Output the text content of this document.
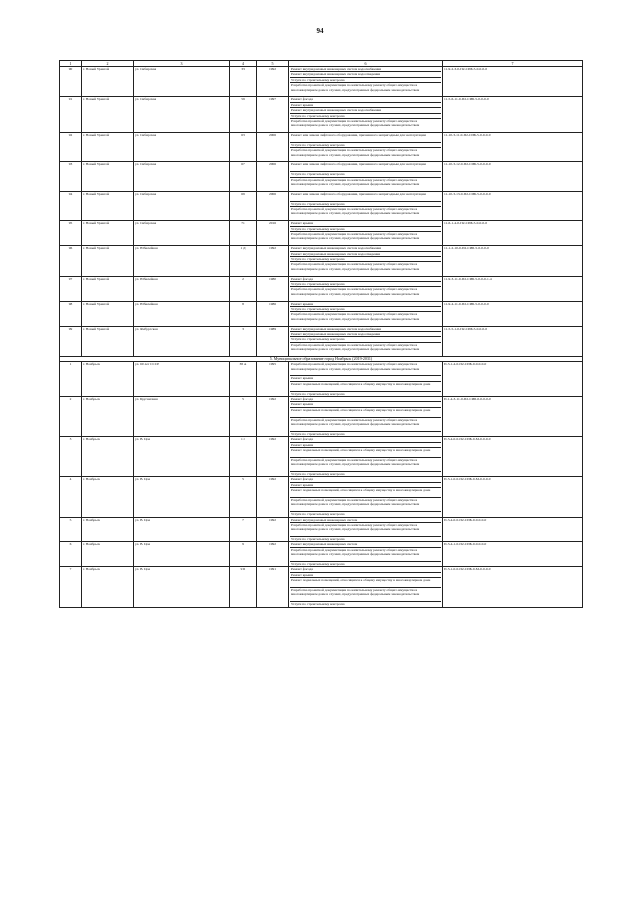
94
1	2	3	4	5	6	7
90	г. Новый Уренгой	ул. Сибирская	33	1992	Ремонт внутридомовых инженерных систем водоснабжения
Ремонт внутридомовых инженерных систем водоотведения
Услуги по строительному контролю
Разработка проектной документации по капитальному ремонту общего имущества в многоквартирном доме в случаях, предусмотренных федеральным законодательством	11-9-2-3-0-П2-СИБ-5-0-0-0-0
91	г. Новый Уренгой	ул. Сибирская	59	1997	Ремонт фасада
Ремонт крыши
Ремонт внутридомовых инженерных систем водоснабжения
Услуги по строительному контролю
Разработка проектной документации по капитальному ремонту общего имущества в многоквартирном доме в случаях, предусмотренных федеральным законодательством	11-5-6-11-0-П2-СИБ-5-0-0-0-0
92	г. Новый Уренгой	ул. Сибирская	63	2006	Ремонт или замена лифтового оборудования, признанного непригодным для эксплуатации
Услуги по строительному контролю
Разработка проектной документации по капитальному ремонту общего имущества в многоквартирном доме в случаях, предусмотренных федеральным законодательством	11-10-3-11-0-П2-СИБ-5-0-0-0-0
93	г. Новый Уренгой	ул. Сибирская	67	2006	Ремонт или замена лифтового оборудования, признанного непригодным для эксплуатации
Услуги по строительному контролю
Разработка проектной документации по капитальному ремонту общего имущества в многоквартирном доме в случаях, предусмотренных федеральным законодательством	11-10-3-12-0-П2-СИБ-5-0-0-0-0
94	г. Новый Уренгой	ул. Сибирская	69	2006	Ремонт или замена лифтового оборудования, признанного непригодным для эксплуатации
Услуги по строительному контролю
Разработка проектной документации по капитальному ремонту общего имущества в многоквартирном доме в случаях, предусмотренных федеральным законодательством	11-10-3-13-0-П2-СИБ-5-0-0-0-0
95	г. Новый Уренгой	ул. Сибирская	71	2016	Ремонт крыши
Услуги по строительному контролю
Разработка проектной документации по капитальному ремонту общего имущества в многоквартирном доме в случаях, предусмотренных федеральным законодательством	11-6-1-4-0-П2-СИБ-5-0-0-0-0
96	г. Новый Уренгой	ул. Юбилейная	1 Д	1992	Ремонт внутридомовых инженерных систем водоснабжения
Ремонт внутридомовых инженерных систем водоотведения
Услуги по строительному контролю
Разработка проектной документации по капитальному ремонту общего имущества в многоквартирном доме в случаях, предусмотренных федеральным законодательством	11-1-2-10-0-П2-СИБ-5-0-0-0-0
97	г. Новый Уренгой	ул. Юбилейная	2	1980	Ремонт фасада
Услуги по строительному контролю
Разработка проектной документации по капитальному ремонту общего имущества в многоквартирном доме в случаях, предусмотренных федеральным законодательством	11-9-3-11-0-П2-СИБ-5-0-0-0-1-4
98	г. Новый Уренгой	ул. Юбилейная	8	1986	Ремонт крыши
Услуги по строительному контролю
Разработка проектной документации по капитальному ремонту общего имущества в многоквартирном доме в случаях, предусмотренных федеральным законодательством	11-9-4-11-0-П2-СИБ-5-0-0-0-0
99	г. Новый Уренгой	ул. Ямбургская	3	1989	Ремонт внутридомовых инженерных систем водоснабжения
Ремонт внутридомовых инженерных систем водоотведения
Услуги по строительному контролю
Разработка проектной документации по капитальному ремонту общего имущества в многоквартирном доме в случаях, предусмотренных федеральным законодательством	11-5-5-1-0-П2-СИБ-5-0-0-0-0
5. Муниципальное образование город Ноябрьск (2019-2031)						
1	г. Ноябрьск	ул. 60 лет СССР	38 А	1995	Разработка проектной документации по капитальному ремонту общего имущества в многоквартирном доме в случаях, предусмотренных федеральным законодательством
Ремонт крыши
Ремонт подвальных помещений, относящихся к общему имуществу в многоквартирном доме
Услуги по строительному контролю	П-3-1-4-0-П2-СИБ-0-0-0-0-0
2	г. Ноябрьск	ул. Брусничная	5	1992	Ремонт фасада
Ремонт крыши
Ремонт подвальных помещений, относящихся к общему имуществу в многоквартирном доме
Разработка проектной документации по капитальному ремонту общего имущества в многоквартирном доме в случаях, предусмотренных федеральным законодательством
Услуги по строительному контролю	П-1-4-3-11-0-П2-СИБ-0-0-0-0-0
3	г. Ноябрьск	ул. В. Цоя	1 г	1992	Ремонт фасада
Ремонт крыши
Ремонт подвальных помещений, относящихся к общему имуществу в многоквартирном доме
Разработка проектной документации по капитальному ремонту общего имущества в многоквартирном доме в случаях, предусмотренных федеральным законодательством
Услуги по строительному контролю	П-3-4-0-0-П2-СИБ-0-М-0-0-0-0
4	г. Ноябрьск	ул. В. Цоя	5	1992	Ремонт фасада
Ремонт крыши
Ремонт подвальных помещений, относящихся к общему имуществу в многоквартирном доме
Разработка проектной документации по капитальному ремонту общего имущества в многоквартирном доме в случаях, предусмотренных федеральным законодательством
Услуги по строительному контролю	П-3-1-0-0-П2-СИБ-0-М-0-0-0-0
5	г. Ноябрьск	ул. В. Цоя	7	1992	Ремонт внутридомовых инженерных систем
Разработка проектной документации по капитальному ремонту общего имущества в многоквартирном доме в случаях, предусмотренных федеральным законодательством
Услуги по строительному контролю	П-3-4-0-0-П2-СИБ-0-0-0-0-0
6	г. Ноябрьск	ул. В. Цоя	9	1992	Ремонт внутридомовых инженерных систем
Разработка проектной документации по капитальному ремонту общего имущества в многоквартирном доме в случаях, предусмотренных федеральным законодательством
Услуги по строительному контролю	П-3-4-1-0-П2-СИБ-0-0-0-0-0
7	г. Ноябрьск	ул. В. Цоя	9 Б	1991	Ремонт фасада
Ремонт крыши
Ремонт подвальных помещений, относящихся к общему имуществу в многоквартирном доме
Разработка проектной документации по капитальному ремонту общего имущества в многоквартирном доме в случаях, предусмотренных федеральным законодательством
Услуги по строительному контролю	П-3-1-0-0-П2-СИБ-0-М-0-0-0-0
